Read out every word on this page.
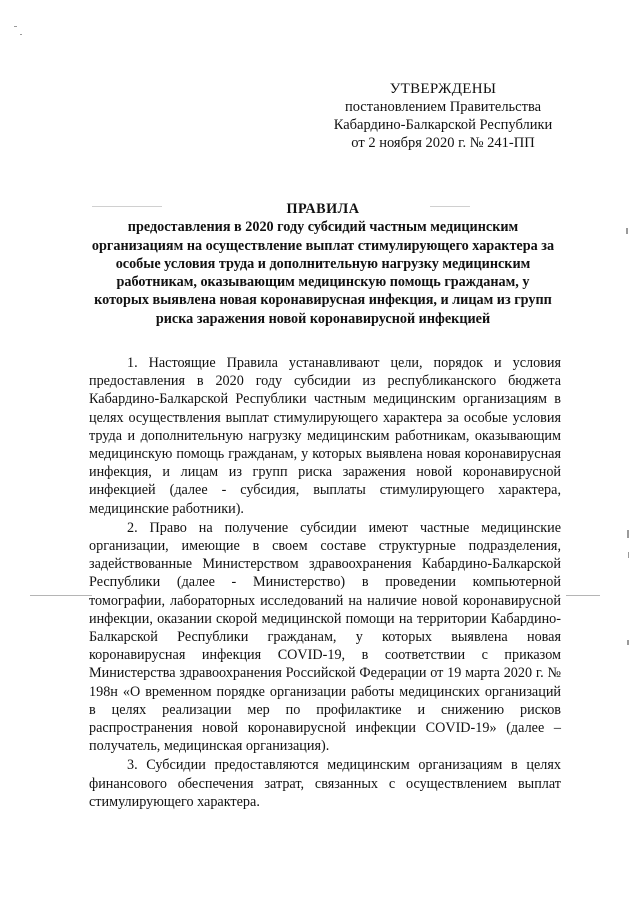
УТВЕРЖДЕНЫ
постановлением Правительства
Кабардино-Балкарской Республики
от 2 ноября 2020 г. № 241-ПП
ПРАВИЛА
предоставления в 2020 году субсидий частным медицинским организациям на осуществление выплат стимулирующего характера за особые условия труда и дополнительную нагрузку медицинским работникам, оказывающим медицинскую помощь гражданам, у которых выявлена новая коронавирусная инфекция, и лицам из групп риска заражения новой коронавирусной инфекцией

1. Настоящие Правила устанавливают цели, порядок и условия предоставления в 2020 году субсидии из республиканского бюджета Кабардино-Балкарской Республики частным медицинским организациям в целях осуществления выплат стимулирующего характера за особые условия труда и дополнительную нагрузку медицинским работникам, оказывающим медицинскую помощь гражданам, у которых выявлена новая коронавирусная инфекция, и лицам из групп риска заражения новой коронавирусной инфекцией (далее - субсидия, выплаты стимулирующего характера, медицинские работники).

2. Право на получение субсидии имеют частные медицинские организации, имеющие в своем составе структурные подразделения, задействованные Министерством здравоохранения Кабардино-Балкарской Республики (далее - Министерство) в проведении компьютерной томографии, лабораторных исследований на наличие новой коронавирусной инфекции, оказании скорой медицинской помощи на территории Кабардино-Балкарской Республики гражданам, у которых выявлена новая коронавирусная инфекция COVID-19, в соответствии с приказом Министерства здравоохранения Российской Федерации от 19 марта 2020 г. № 198н «О временном порядке организации работы медицинских организаций в целях реализации мер по профилактике и снижению рисков распространения новой коронавирусной инфекции COVID-19» (далее – получатель, медицинская организация).

3. Субсидии предоставляются медицинским организациям в целях финансового обеспечения затрат, связанных с осуществлением выплат стимулирующего характера.
